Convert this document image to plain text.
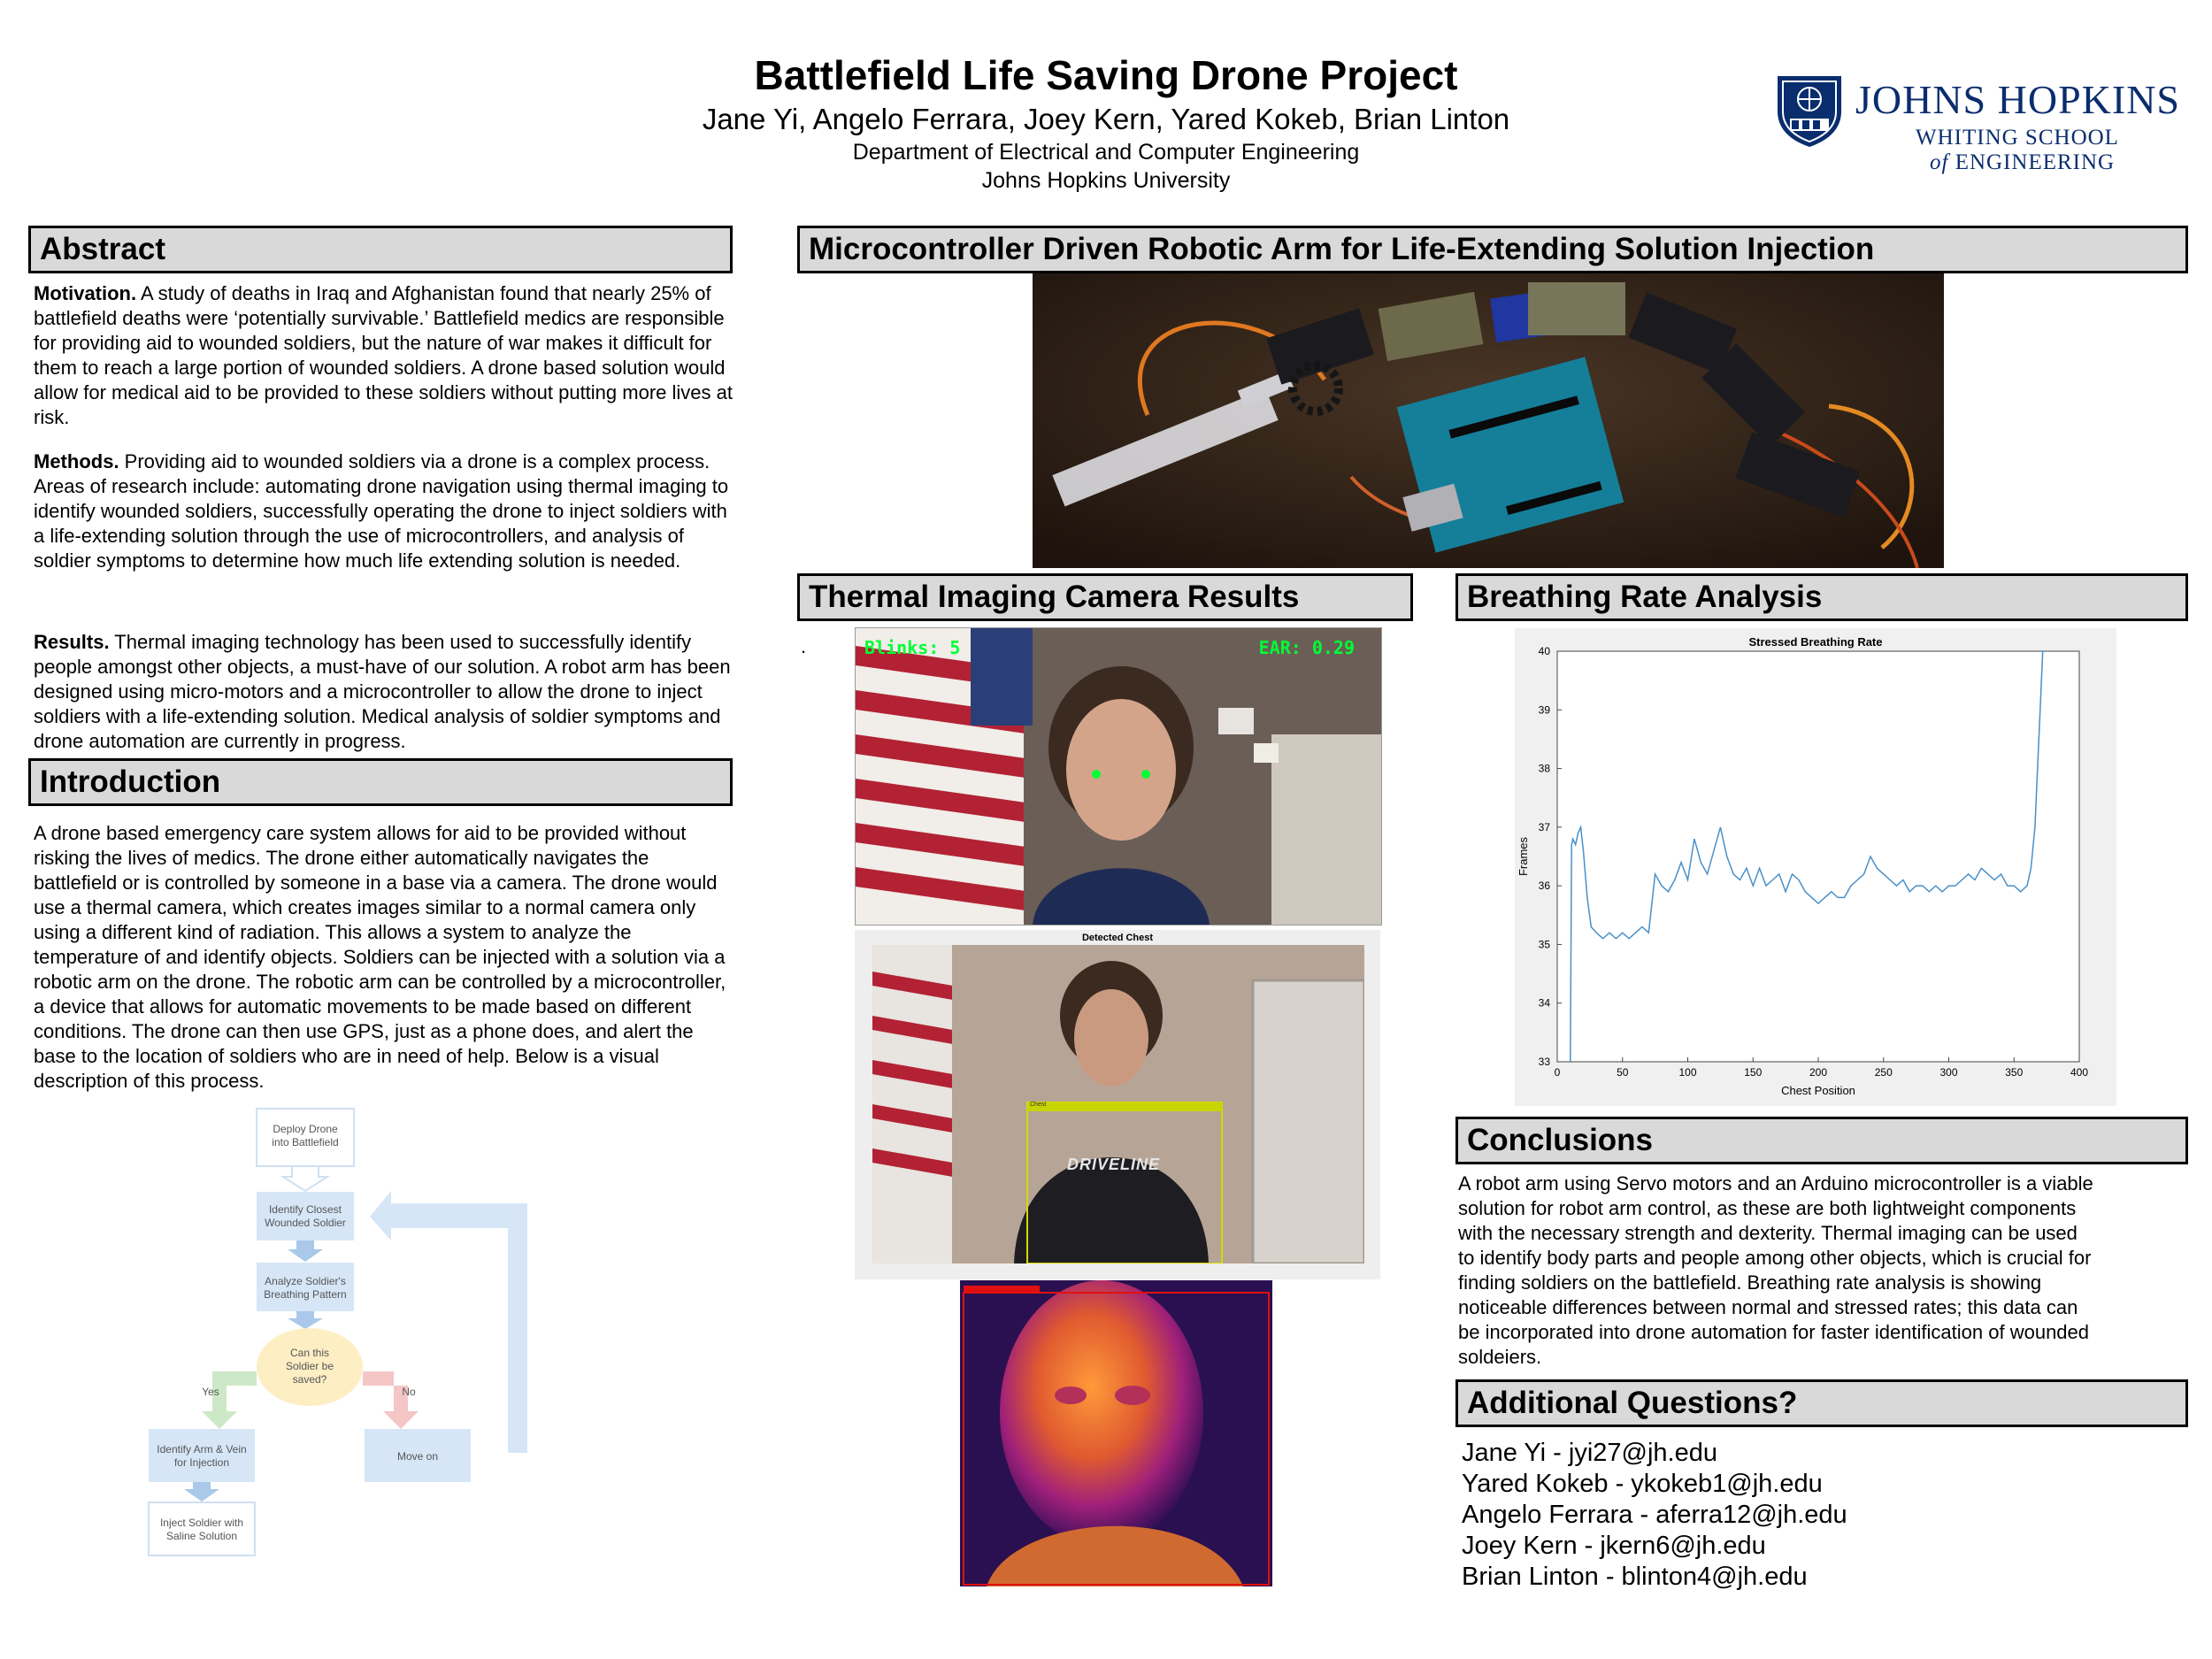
Battlefield Life Saving Drone Project
Jane Yi, Angelo Ferrara, Joey Kern, Yared Kokeb, Brian Linton
Department of Electrical and Computer Engineering
Johns Hopkins University
JOHNS HOPKINS
WHITING SCHOOL
of ENGINEERING
Abstract
Motivation. A study of deaths in Iraq and Afghanistan found that nearly 25% of battlefield deaths were ‘potentially survivable.’ Battlefield medics are responsible for providing aid to wounded soldiers, but the nature of war makes it difficult for them to reach a large portion of wounded soldiers. A drone based solution would allow for medical aid to be provided to these soldiers without putting more lives at risk.
Methods. Providing aid to wounded soldiers via a drone is a complex process. Areas of research include: automating drone navigation using thermal imaging to identify wounded soldiers, successfully operating the drone to inject soldiers with a life-extending solution through the use of microcontrollers, and analysis of soldier symptoms to determine how much life extending solution is needed.
Results. Thermal imaging technology has been used to successfully identify people amongst other objects, a must-have of our solution. A robot arm has been designed using micro-motors and a microcontroller to allow the drone to inject soldiers with a life-extending solution. Medical analysis of soldier symptoms and drone automation are currently in progress.
Introduction
A drone based emergency care system allows for aid to be provided without risking the lives of medics. The drone either automatically navigates the battlefield or is controlled by someone in a base via a camera. The drone would use a thermal camera, which creates images similar to a normal camera only using a different kind of radiation. This allows a system to analyze the temperature of and identify objects. Soldiers can be injected with a solution via a robotic arm on the drone. The robotic arm can be controlled by a microcontroller, a device that allows for automatic movements to be made based on different conditions. The drone can then use GPS, just as a phone does, and alert the base to the location of soldiers who are in need of help. Below is a visual description of this process.
Deploy Drone
into Battlefield
Identify Closest
Wounded Soldier
Analyze Soldier's
Breathing Pattern
Can this
Soldier be
saved?
Yes	No
Identify Arm & Vein
for Injection	Move on
Inject Soldier with
Saline Solution
Microcontroller Driven Robotic Arm for Life-Extending Solution Injection
Thermal Imaging Camera Results
.	Blinks: 5	EAR: 0.29
Detected Chest
Chest
DRIVELINE
Breathing Rate Analysis
Stressed Breathing Rate
0	50	100	150	200	250	300	350	400
33
34
35
36
37
38
39
40
Chest Position
Frames
Conclusions
A robot arm using Servo motors and an Arduino microcontroller is a viable solution for robot arm control, as these are both lightweight components with the necessary strength and dexterity. Thermal imaging can be used to identify body parts and people among other objects, which is crucial for finding soldiers on the battlefield. Breathing rate analysis is showing noticeable differences between normal and stressed rates; this data can be incorporated into drone automation for faster identification of wounded soldeiers.
Additional Questions?
Jane Yi - jyi27@jh.edu
Yared Kokeb - ykokeb1@jh.edu
Angelo Ferrara - aferra12@jh.edu
Joey Kern - jkern6@jh.edu
Brian Linton - blinton4@jh.edu
